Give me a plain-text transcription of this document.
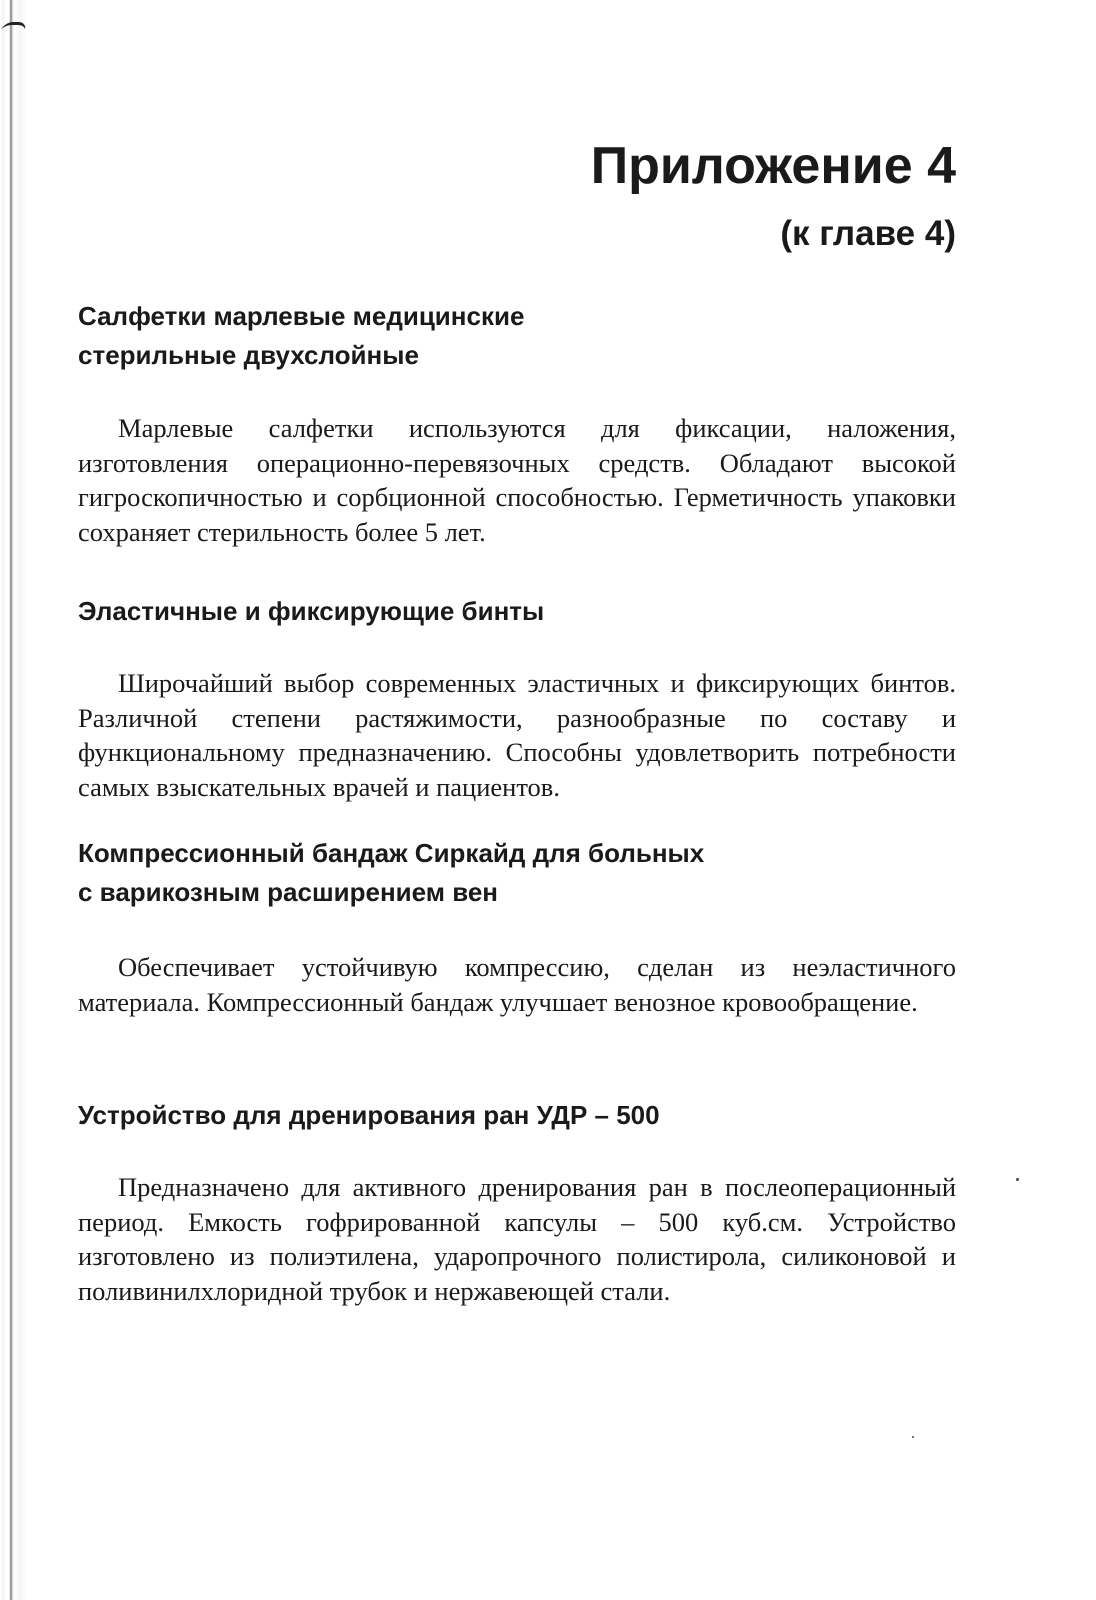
Приложение 4
(к главе 4)
Салфетки марлевые медицинские
стерильные двухслойные

Марлевые салфетки используются для фиксации, наложения, изготовления операционно-перевязочных средств. Обладают высокой гигроскопичностью и сорбционной способностью. Герметичность упаковки сохраняет стерильность более 5 лет.

Эластичные и фиксирующие бинты

Широчайший выбор современных эластичных и фиксирующих бинтов. Различной степени растяжимости, разнообразные по составу и функциональному предназначению. Способны удовлетворить потребности самых взыскательных врачей и пациентов.

Компрессионный бандаж Сиркайд для больных
с варикозным расширением вен

Обеспечивает устойчивую компрессию, сделан из неэластичного материала. Компрессионный бандаж улучшает венозное кровообращение.

Устройство для дренирования ран УДР – 500

Предназначено для активного дренирования ран в послеоперационный период. Емкость гофрированной капсулы – 500 куб.см. Устройство изготовлено из полиэтилена, ударопрочного полистирола, силиконовой и поливинилхлоридной трубок и нержавеющей стали.
